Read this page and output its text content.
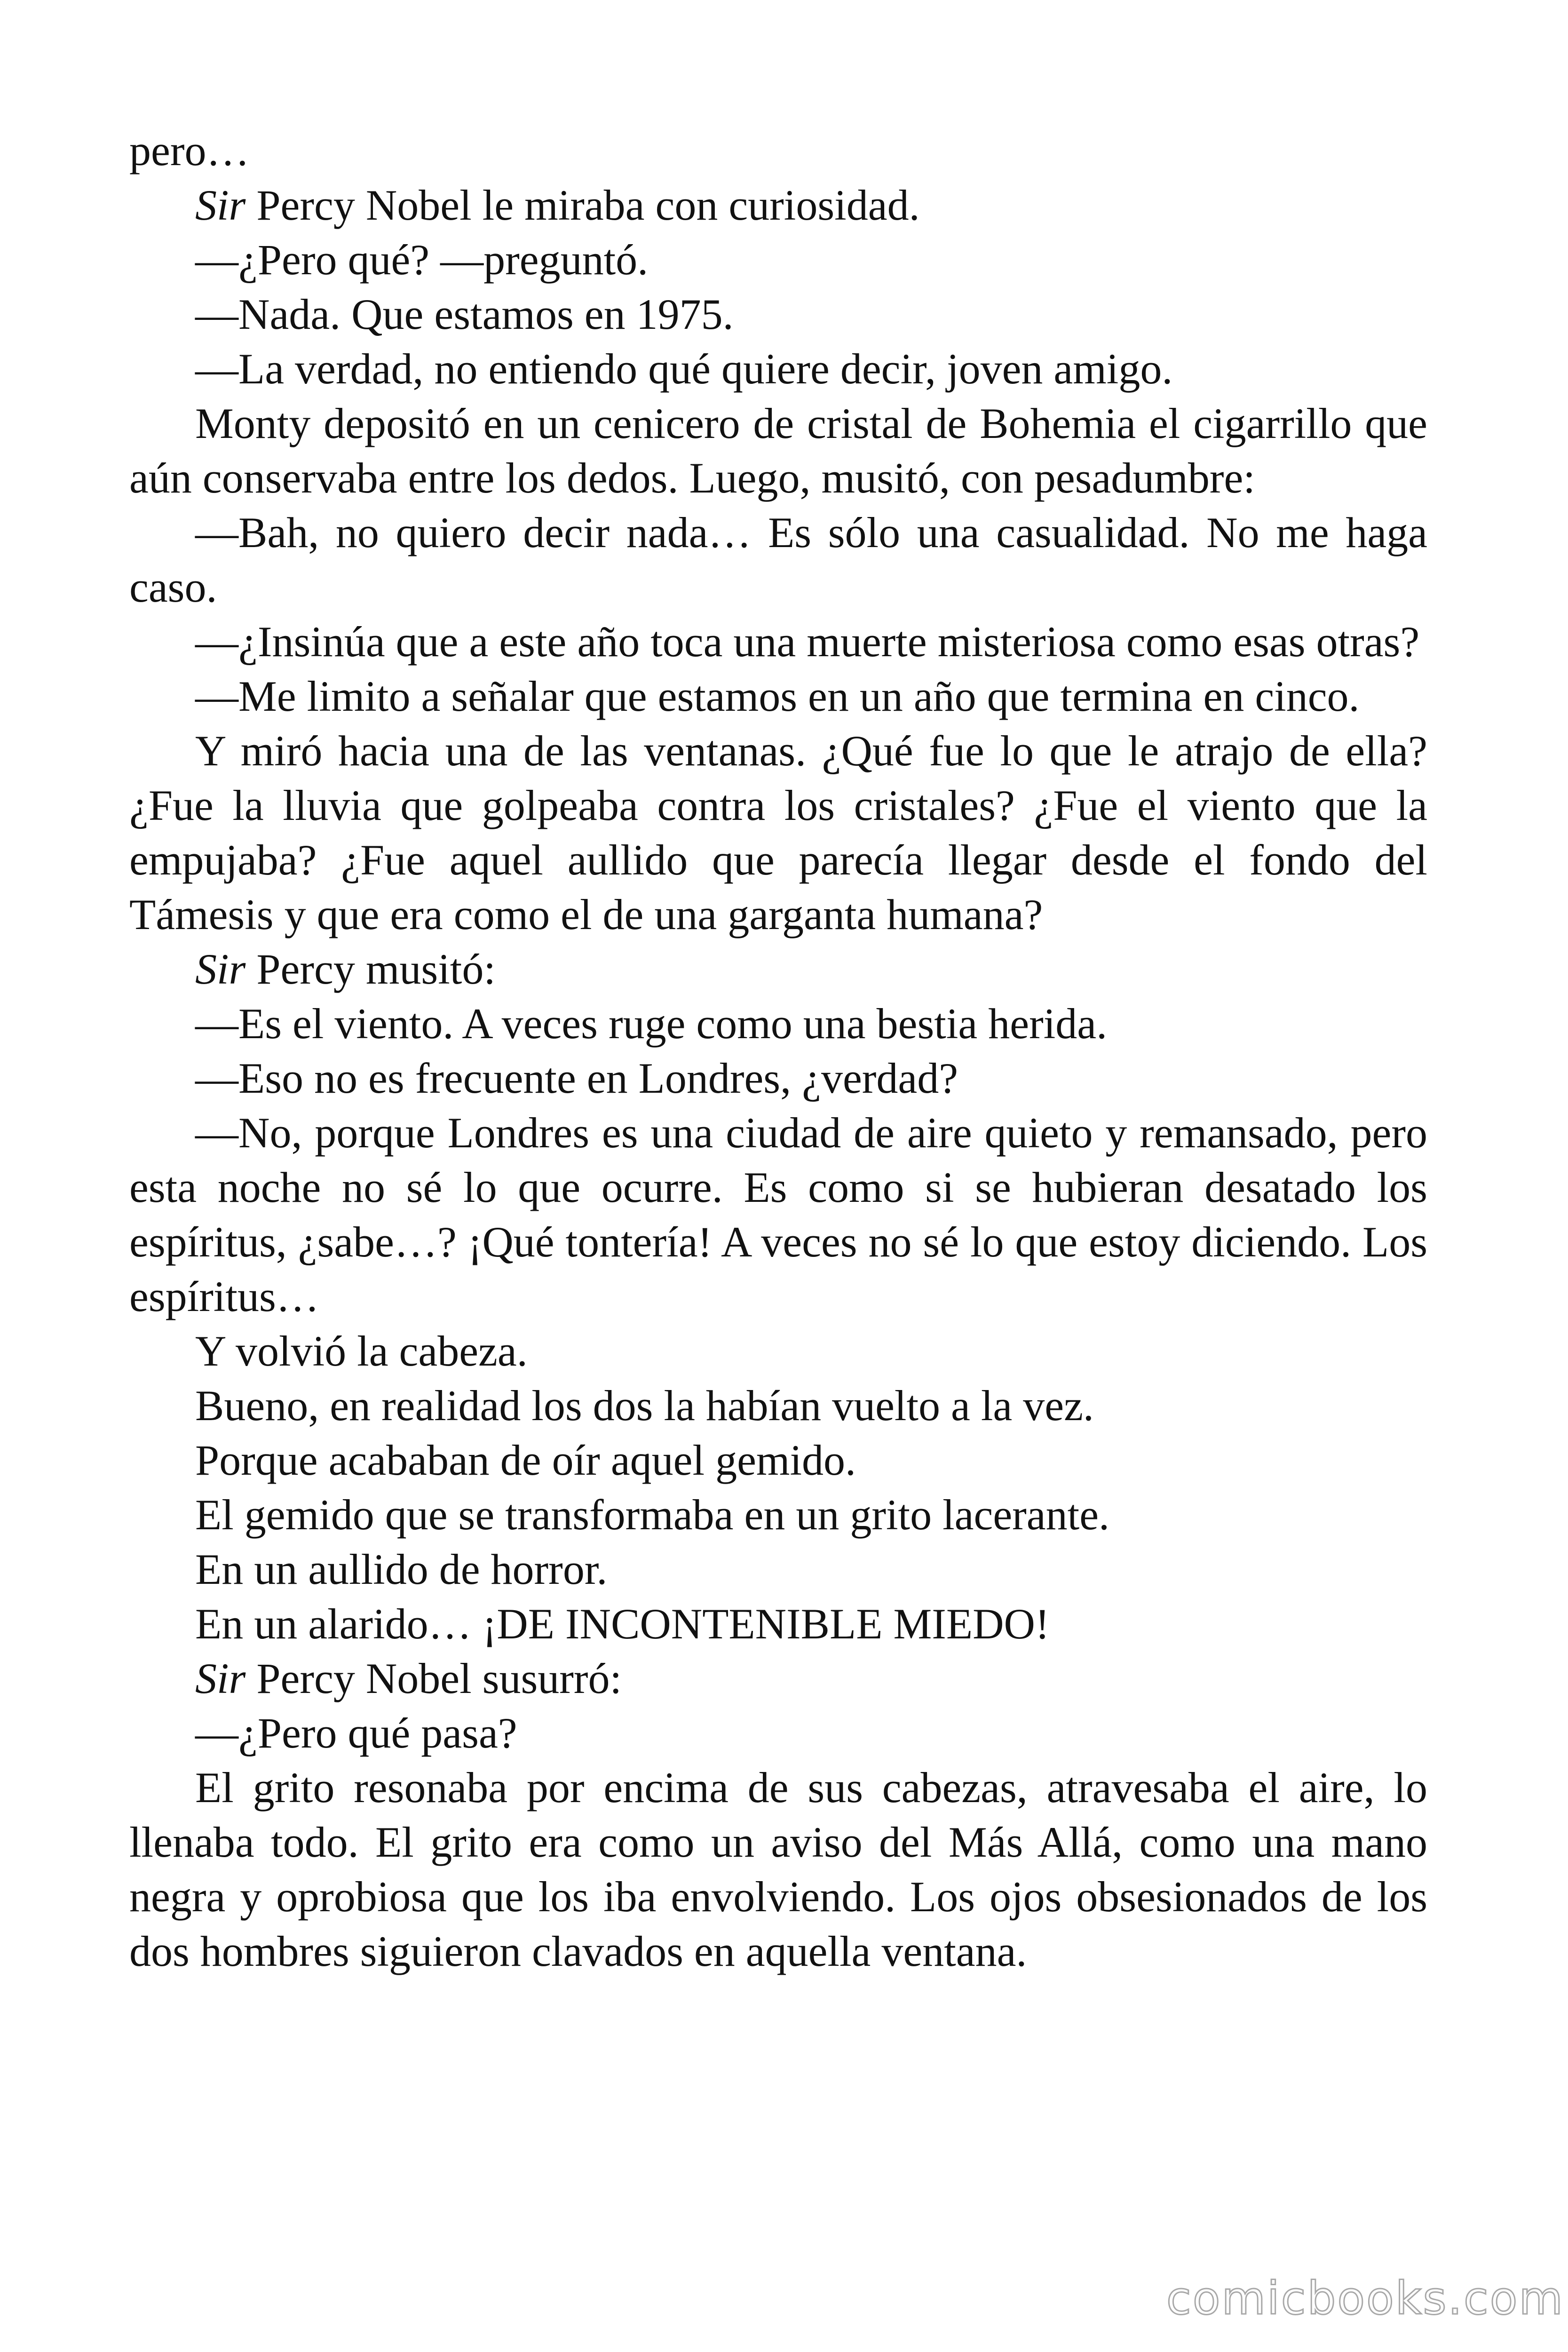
pero…

Sir Percy Nobel le miraba con curiosidad.

—¿Pero qué? —preguntó.

—Nada. Que estamos en 1975.

—La verdad, no entiendo qué quiere decir, joven amigo.

Monty depositó en un cenicero de cristal de Bohemia el cigarrillo que aún conservaba entre los dedos. Luego, musitó, con pesadumbre:

—Bah, no quiero decir nada… Es sólo una casualidad. No me haga caso.

—¿Insinúa que a este año toca una muerte misteriosa como esas otras?

—Me limito a señalar que estamos en un año que termina en cinco.

Y miró hacia una de las ventanas. ¿Qué fue lo que le atrajo de ella? ¿Fue la lluvia que golpeaba contra los cristales? ¿Fue el viento que la empujaba? ¿Fue aquel aullido que parecía llegar desde el fondo del Támesis y que era como el de una garganta humana?

Sir Percy musitó:

—Es el viento. A veces ruge como una bestia herida.

—Eso no es frecuente en Londres, ¿verdad?

—No, porque Londres es una ciudad de aire quieto y remansado, pero esta noche no sé lo que ocurre. Es como si se hubieran desatado los espíritus, ¿sabe…? ¡Qué tontería! A veces no sé lo que estoy diciendo. Los espíritus…

Y volvió la cabeza.

Bueno, en realidad los dos la habían vuelto a la vez.

Porque acababan de oír aquel gemido.

El gemido que se transformaba en un grito lacerante.

En un aullido de horror.

En un alarido… ¡DE INCONTENIBLE MIEDO!

Sir Percy Nobel susurró:

—¿Pero qué pasa?

El grito resonaba por encima de sus cabezas, atravesaba el aire, lo llenaba todo. El grito era como un aviso del Más Allá, como una mano negra y oprobiosa que los iba envolviendo. Los ojos obsesionados de los dos hombres siguieron clavados en aquella ventana.

comicbooks.com
